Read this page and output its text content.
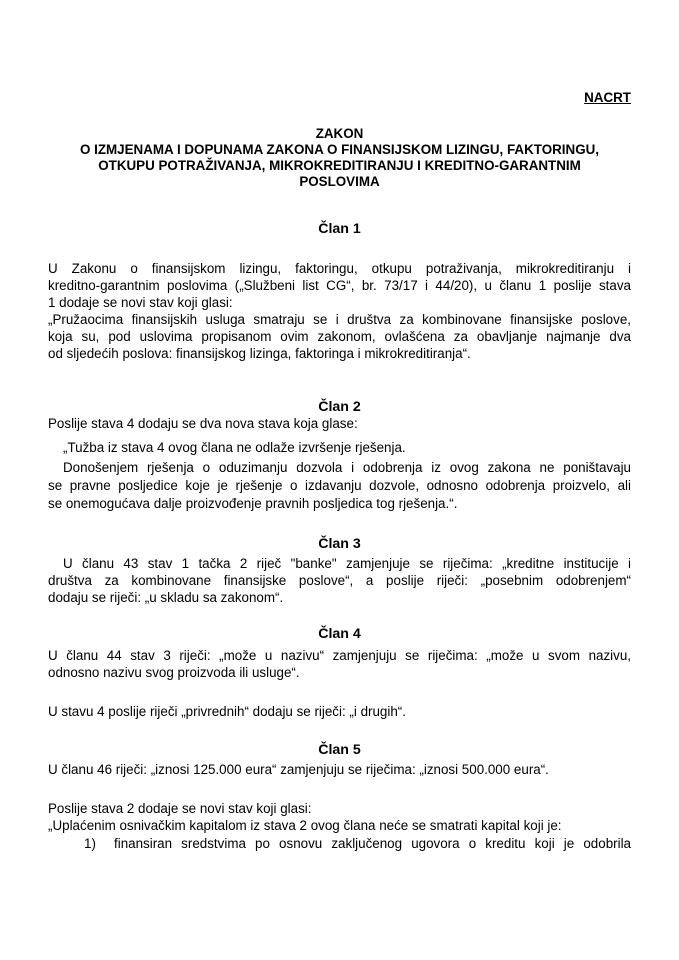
NACRT
ZAKON
O IZMJENAMA I DOPUNAMA ZAKONA O FINANSIJSKOM LIZINGU, FAKTORINGU,
OTKUPU POTRAŽIVANJA, MIKROKREDITIRANJU I KREDITNO-GARANTNIM
POSLOVIMA
Član 1
U Zakonu o finansijskom lizingu, faktoringu, otkupu potraživanja, mikrokreditiranju i
kreditno-garantnim poslovima („Službeni list CG“, br. 73/17 i 44/20), u članu 1 poslije stava
1 dodaje se novi stav koji glasi:
„Pružaocima finansijskih usluga smatraju se i društva za kombinovane finansijske poslove,
koja su, pod uslovima propisanom ovim zakonom, ovlašćena za obavljanje najmanje dva
od sljedećih poslova: finansijskog lizinga, faktoringa i mikrokreditiranja“.
Član 2
Poslije stava 4 dodaju se dva nova stava koja glase:
„Tužba iz stava 4 ovog člana ne odlaže izvršenje rješenja.
Donošenjem rješenja o oduzimanju dozvola i odobrenja iz ovog zakona ne poništavaju
se pravne posljedice koje je rješenje o izdavanju dozvole, odnosno odobrenja proizvelo, ali
se onemogućava dalje proizvođenje pravnih posljedica tog rješenja.“.
Član 3
U članu 43 stav 1 tačka 2 riječ "banke" zamjenjuje se riječima: „kreditne institucije i
društva za kombinovane finansijske poslove“, a poslije riječi: „posebnim odobrenjem“
dodaju se riječi: „u skladu sa zakonom“.
Član 4
U članu 44 stav 3 riječi: „može u nazivu“ zamjenjuju se riječima: „može u svom nazivu,
odnosno nazivu svog proizvoda ili usluge“.
U stavu 4 poslije riječi „privrednih“ dodaju se riječi: „i drugih“.
Član 5
U članu 46 riječi: „iznosi 125.000 eura“ zamjenjuju se riječima: „iznosi 500.000 eura“.
Poslije stava 2 dodaje se novi stav koji glasi:
„Uplaćenim osnivačkim kapitalom iz stava 2 ovog člana neće se smatrati kapital koji je:
1) finansiran sredstvima po osnovu zaključenog ugovora o kreditu koji je odobrila
